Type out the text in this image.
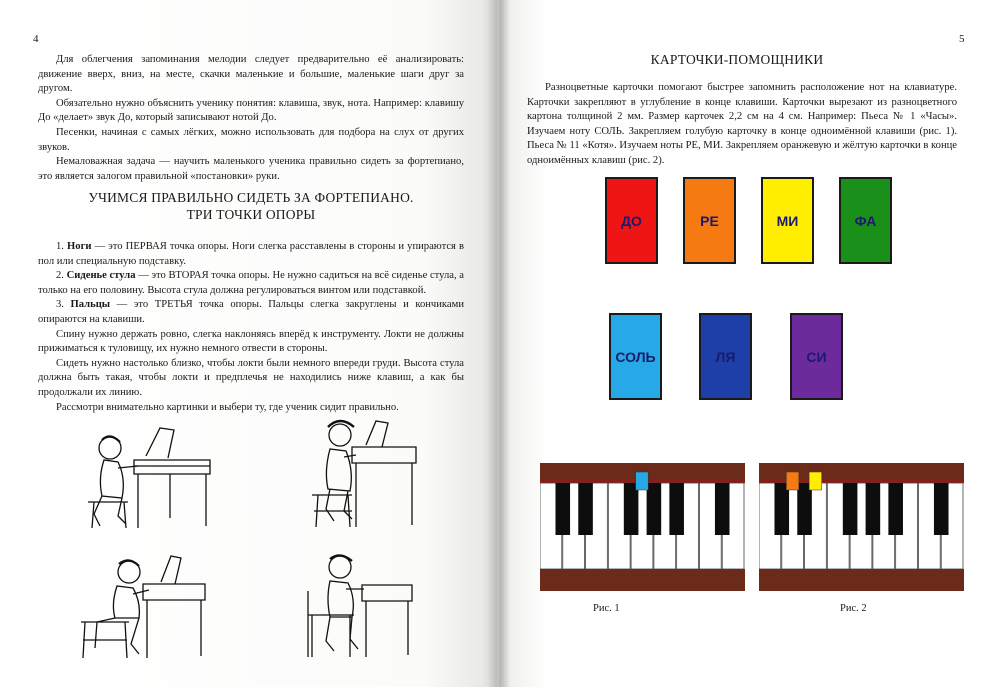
4

Для облегчения запоминания мелодии следует предварительно её анализировать: движение вверх, вниз, на месте, скачки маленькие и большие, маленькие шаги друг за другом.

Обязательно нужно объяснить ученику понятия: клавиша, звук, нота. Например: клавишу До «делает» звук До, который записывают нотой До.

Песенки, начиная с самых лёгких, можно использовать для подбора на слух от других звуков.

Немаловажная задача — научить маленького ученика правильно сидеть за фортепиано, это является залогом правильной «постановки» руки.

УЧИМСЯ ПРАВИЛЬНО СИДЕТЬ ЗА ФОРТЕПИАНО.
ТРИ ТОЧКИ ОПОРЫ

1. Ноги — это ПЕРВАЯ точка опоры. Ноги слегка расставлены в стороны и упираются в пол или специальную подставку.

2. Сиденье стула — это ВТОРАЯ точка опоры. Не нужно садиться на всё сиденье стула, а только на его половину. Высота стула должна регулироваться винтом или подставкой.

3. Пальцы — это ТРЕТЬЯ точка опоры. Пальцы слегка закруглены и кончиками опираются на клавиши.

Спину нужно держать ровно, слегка наклоняясь вперёд к инструменту. Локти не должны прижиматься к туловищу, их нужно немного отвести в стороны.

Сидеть нужно настолько близко, чтобы локти были немного впереди груди. Высота стула должна быть такая, чтобы локти и предплечья не находились ниже клавиш, а как бы продолжали их линию.

Рассмотри внимательно картинки и выбери ту, где ученик сидит правильно.

5
КАРТОЧКИ-ПОМОЩНИКИ

Разноцветные карточки помогают быстрее запомнить расположение нот на клавиатуре. Карточки закрепляют в углубление в конце клавиши. Карточки вырезают из разноцветного картона толщиной 2 мм. Размер карточек 2,2 см на 4 см. Например: Пьеса № 1 «Часы». Изучаем ноту СОЛЬ. Закрепляем голубую карточку в конце одноимённой клавиши (рис. 1). Пьеса № 11 «Котя». Изучаем ноты РЕ, МИ. Закрепляем оранжевую и жёлтую карточки в конце одноимённых клавиш (рис. 2).

ДО	РЕ	МИ	ФА
СОЛЬ	ЛЯ	СИ
Рис. 1	Рис. 2
